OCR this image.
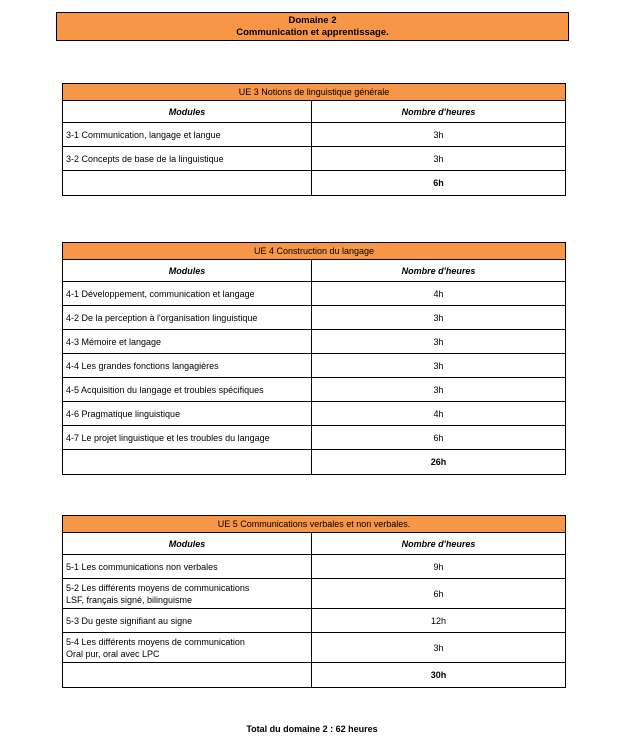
Domaine 2
Communication et apprentissage.
UE 3 Notions de linguistique générale	
Modules	Nombre d'heures
3-1 Communication, langage et langue	3h
3-2 Concepts de base de la linguistique	3h
	6h
UE 4 Construction du langage	
Modules	Nombre d'heures
4-1 Développement, communication et langage	4h
4-2 De la perception à l'organisation linguistique	3h
4-3 Mémoire et langage	3h
4-4 Les grandes fonctions langagières	3h
4-5 Acquisition du langage et troubles spécifiques	3h
4-6 Pragmatique linguistique	4h
4-7 Le projet linguistique et les troubles du langage	6h
	26h
UE 5 Communications verbales et non verbales.	
Modules	Nombre d'heures
5-1 Les communications non verbales	9h

5-2 Les différents moyens de communications
LSF, français signé, bilinguisme	6h
5-3 Du geste signifiant au signe	12h

5-4 Les différents moyens de communication
Oral pur, oral avec LPC	3h
	30h
Total du domaine 2 : 62 heures
